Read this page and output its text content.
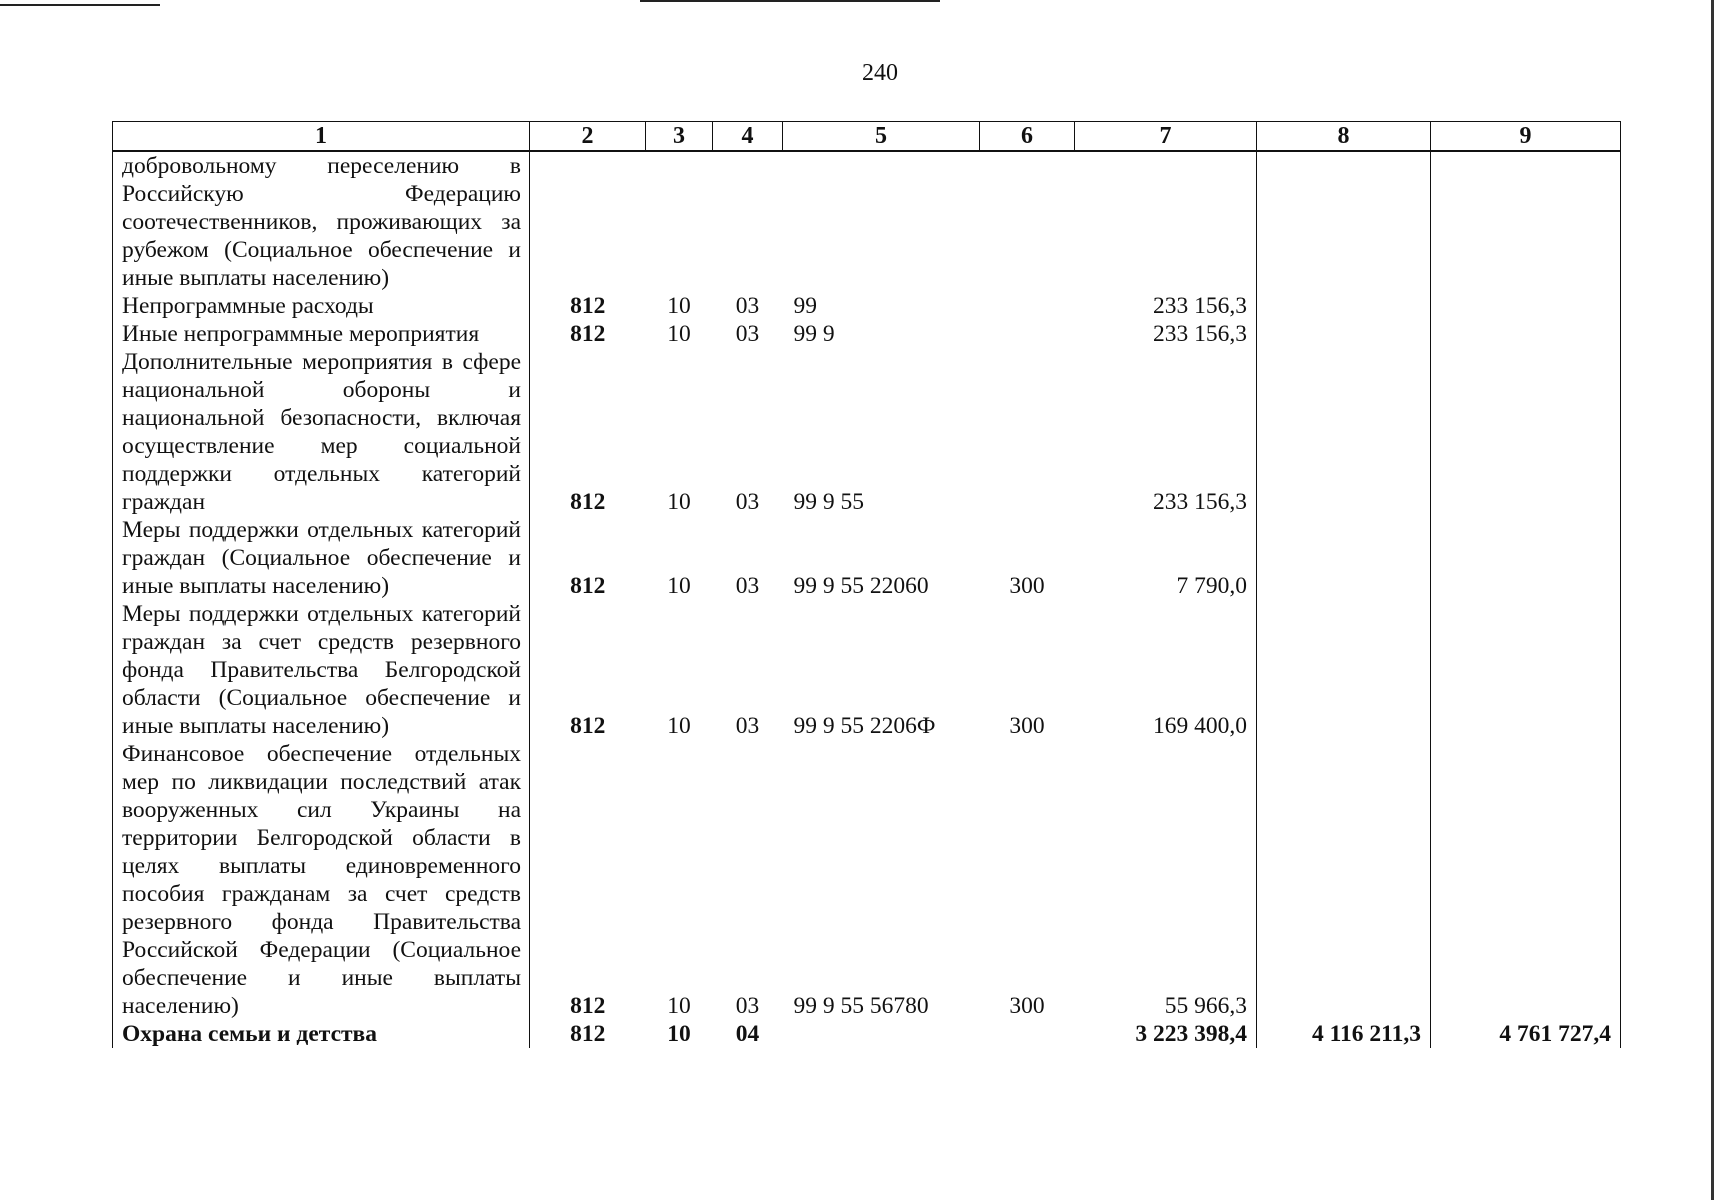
240
1	2	3	4	5	6	7	8	9
добровольному переселению в Российскую Федерацию соотечественников, проживающих за рубежом (Социальное обеспечение и иные выплаты населению)								
Непрограммные расходы	812	10	03	99		233 156,3		
Иные непрограммные мероприятия	812	10	03	99 9		233 156,3		
Дополнительные мероприятия в сфере национальной обороны и национальной безопасности, включая осуществление мер социальной поддержки отдельных категорий граждан	812	10	03	99 9 55		233 156,3		
Меры поддержки отдельных категорий граждан (Социальное обеспечение и иные выплаты населению)	812	10	03	99 9 55 22060	300	7 790,0		
Меры поддержки отдельных категорий граждан за счет средств резервного фонда Правительства Белгородской области (Социальное обеспечение и иные выплаты населению)	812	10	03	99 9 55 2206Ф	300	169 400,0		
Финансовое обеспечение отдельных мер по ликвидации последствий атак вооруженных сил Украины на территории Белгородской области в целях выплаты единовременного пособия гражданам за счет средств резервного фонда Правительства Российской Федерации (Социальное обеспечение и иные выплаты населению)	812	10	03	99 9 55 56780	300	55 966,3		
Охрана семьи и детства	812	10	04			3 223 398,4	4 116 211,3	4 761 727,4
